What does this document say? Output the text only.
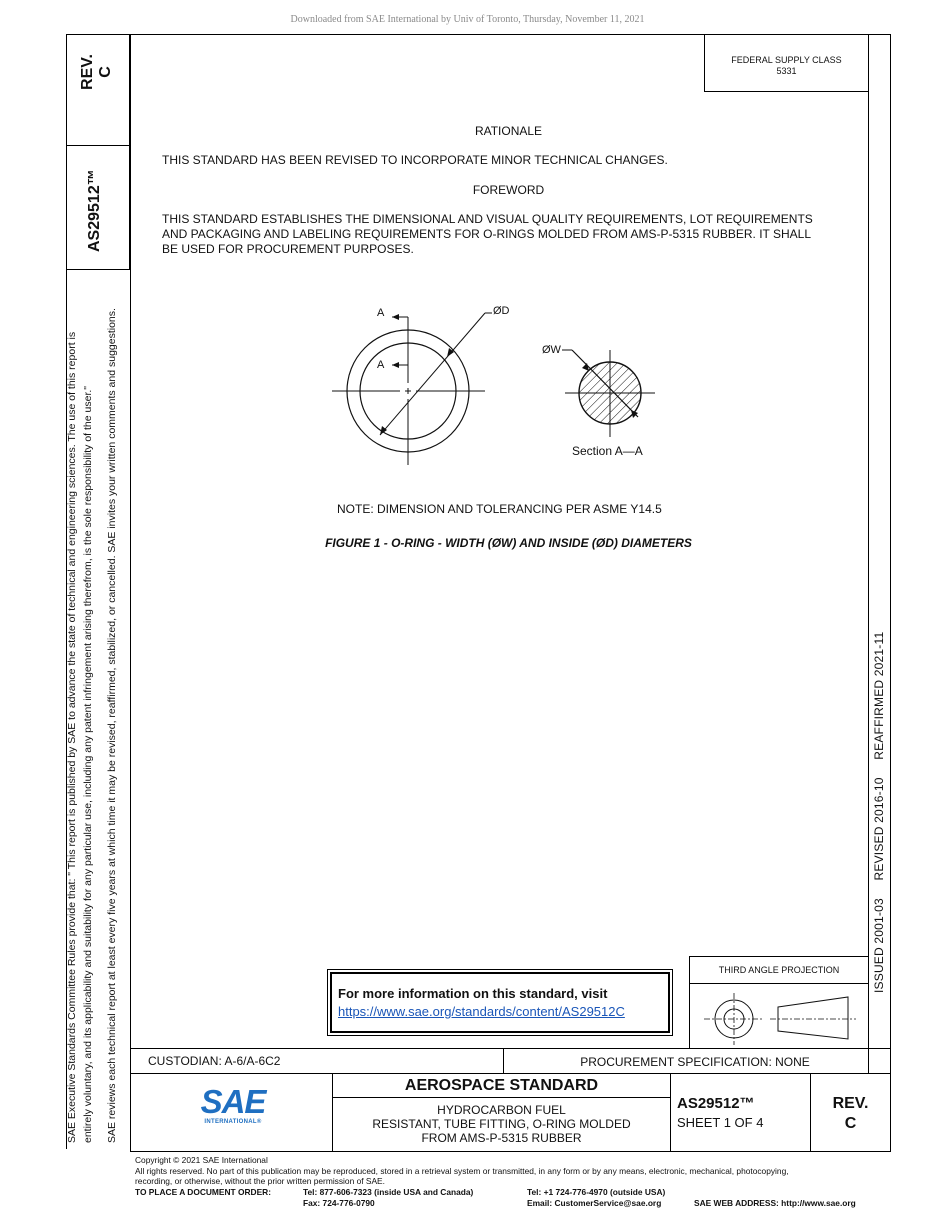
Downloaded from SAE International by Univ of Toronto, Thursday, November 11, 2021
REV. C
AS29512™
SAE Executive Standards Committee Rules provide that: " This report is published by SAE to advance the state of technical and engineering sciences. The use of this report is entirely voluntary, and its applicability and suitability for any particular use, including any patent infringement arising therefrom, is the sole responsibility of the user." SAE reviews each technical report at least every five years at which time it may be revised, reaffirmed, stabilized, or cancelled. SAE invites your written comments and suggestions.
FEDERAL SUPPLY CLASS
5331
ISSUED 2001-03     REVISED 2016-10     REAFFIRMED 2021-11
RATIONALE
THIS STANDARD HAS BEEN REVISED TO INCORPORATE MINOR TECHNICAL CHANGES.
FOREWORD
THIS STANDARD ESTABLISHES THE DIMENSIONAL AND VISUAL QUALITY REQUIREMENTS, LOT REQUIREMENTS
AND PACKAGING AND LABELING REQUIREMENTS FOR O-RINGS MOLDED FROM AMS-P-5315 RUBBER. IT SHALL
BE USED FOR PROCUREMENT PURPOSES.
A
A
ØD
ØW
Section A—A
NOTE: DIMENSION AND TOLERANCING PER ASME Y14.5
FIGURE 1 - O-RING - WIDTH (ØW) AND INSIDE (ØD) DIAMETERS
For more information on this standard, visit
https://www.sae.org/standards/content/AS29512C
THIRD ANGLE PROJECTION
CUSTODIAN: A-6/A-6C2	PROCUREMENT SPECIFICATION: NONE
SAE
INTERNATIONAL®
AEROSPACE STANDARD
HYDROCARBON FUEL
RESISTANT, TUBE FITTING, O-RING MOLDED
FROM AMS-P-5315 RUBBER
AS29512™
SHEET 1 OF 4
REV.
C
Copyright © 2021 SAE International
All rights reserved. No part of this publication may be reproduced, stored in a retrieval system or transmitted, in any form or by any means, electronic, mechanical, photocopying,
recording, or otherwise, without the prior written permission of SAE.
TO PLACE A DOCUMENT ORDER:	Tel: 877-606-7323 (inside USA and Canada)
Fax: 724-776-0790
Tel: +1 724-776-4970 (outside USA)
Email: CustomerService@sae.org	SAE WEB ADDRESS: http://www.sae.org
